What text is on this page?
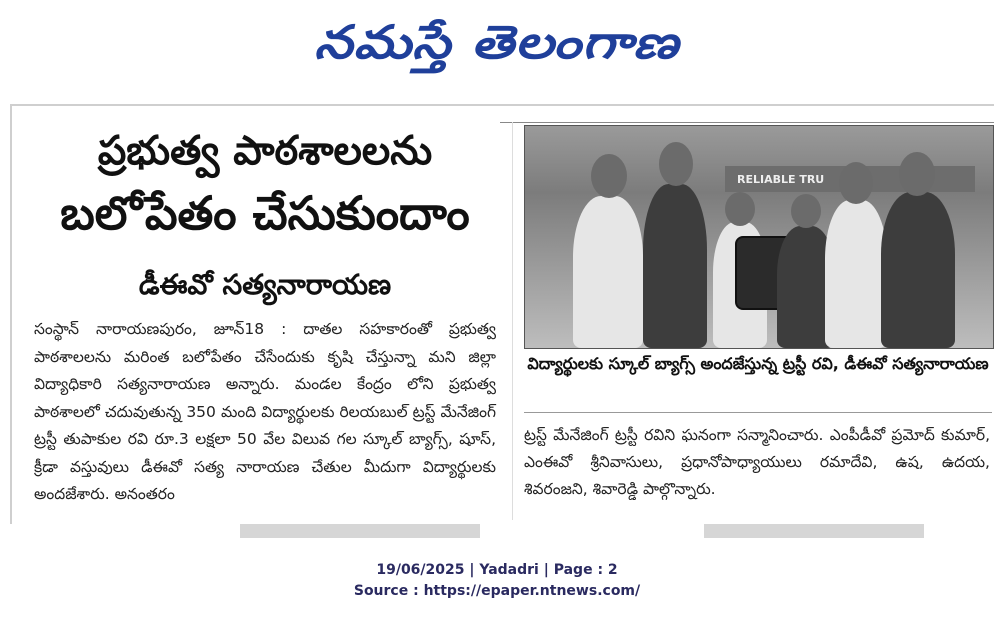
నమస్తే తెలంగాణ
ప్రభుత్వ పాఠశాలలను
బలోపేతం చేసుకుందాం
డీఈవో సత్యనారాయణ
సంస్థాన్ నారాయణపురం, జూన్18 : దాతల సహకారంతో ప్రభుత్వ పాఠశాలలను మరింత బలోపేతం చేసేందుకు కృషి చేస్తున్నా మని జిల్లా విద్యాధికారి సత్యనారాయణ అన్నారు. మండల కేంద్రం లోని ప్రభుత్వ పాఠశాలలో చదువుతున్న 350 మంది విద్యార్థులకు రిలయబుల్ ట్రస్ట్ మేనేజింగ్ ట్రస్టీ తుపాకుల రవి రూ.3 లక్షలా 50 వేల విలువ గల స్కూల్ బ్యాగ్స్, షూస్, క్రీడా వస్తువులు డీఈవో సత్య నారాయణ చేతుల మీదుగా విద్యార్థులకు అందజేశారు. అనంతరం
RELIABLE TRU
విద్యార్థులకు స్కూల్ బ్యాగ్స్ అందజేస్తున్న ట్రస్టీ రవి, డీఈవో సత్యనారాయణ
ట్రస్ట్ మేనేజింగ్ ట్రస్టీ రవిని ఘనంగా సన్మానించారు. ఎంపీడీవో ప్రమోద్ కుమార్, ఎంఈవో శ్రీనివాసులు, ప్రధానోపాధ్యాయులు రమాదేవి, ఉష, ఉదయ, శివరంజని, శివారెడ్డి పాల్గొన్నారు.
19/06/2025 | Yadadri | Page : 2
Source : https://epaper.ntnews.com/
